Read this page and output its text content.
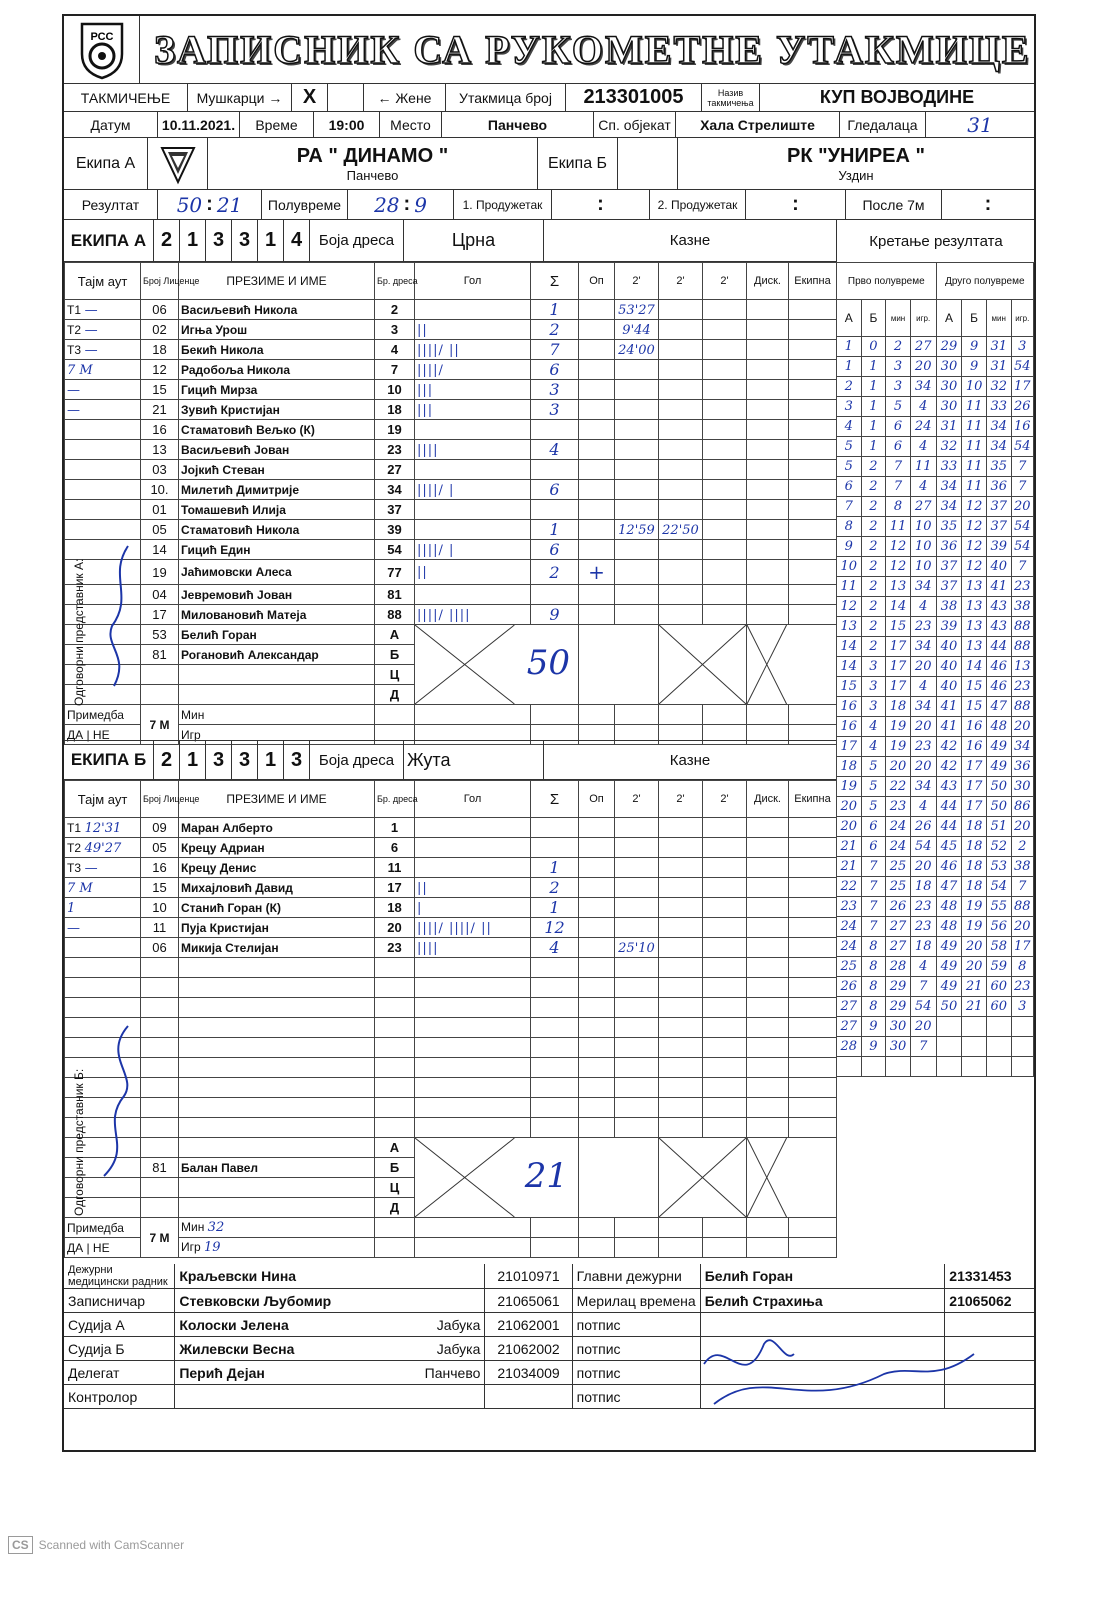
РСС ЗАПИСНИК СА РУКОМЕТНЕ УТАКМИЦЕ
ТАКМИЧЕЊЕ	Мушкарци →	X	← Жене	Утакмица број	213301005	Назив
такмичења	КУП ВОЈВОДИНЕ
Датум	10.11.2021.	Време	19:00	Место	Панчево	Сп. објекат	Хала Стрелиште	Гледалаца	31
Екипа А	РА " ДИНАМО "
Панчево
Екипа Б	РК "УНИРЕА "
Уздин
Резултат	50 : 21	Полувреме	28 : 9	1. Продужетак	:	2. Продужетак	:	После 7м	:
ЕКИПА А 2 1 3 3 1 4	Боја дреса	Црна	Казне	Кретање резултата
Тајм аут	Број Лиценце	ПРЕЗИМЕ И ИМЕ	Бр. дреса	Гол	Σ	Оп	2'	2'	2'	Диск.	Екипна
T1 —	06	Васиљевић Никола	2		1		53'27				
T2 —	02	Игња Урош	3	||	2		9'44				
T3 —	18	Бекић Никола	4	||||/ ||	7		24'00				
7 М	12	Радобоља Никола	7	||||/	6						
—	15	Гицић Мирза	10	|||	3						
—	21	Зувић Кристијан	18	|||	3						
	16	Стаматовић Вељко (К)	19								
	13	Васиљевић Јован	23	||||	4						
	03	Јојкић Стеван	27								
	10.	Милетић Димитрије	34	||||/ |	6						
	01	Томашевић Илија	37								
	05	Стаматовић Никола	39		1		12'59	22'50			
	14	Гицић Един	54	||||/ |	6						
	19	Јаћимовски Алеса	77	||	2	+					
	04	Јевремовић Јован	81								
	17	Миловановић Матеја	88	||||/ ||||	9						
	53	Белић Горан	А	50

	81	Рогановић Александар	Б								
			Ц								
			Д								
Примедба	7 М	Мин									
ДА | НЕ		Игр									
Прво полувреме				Друго полувреме			
А	Б	мин	игр.	А	Б	мин	игр.
1	0	2	27	29	9	31	3
1	1	3	20	30	9	31	54
2	1	3	34	30	10	32	17
3	1	5	4	30	11	33	26
4	1	6	24	31	11	34	16
5	1	6	4	32	11	34	54
5	2	7	11	33	11	35	7
6	2	7	4	34	11	36	7
7	2	8	27	34	12	37	20
8	2	11	10	35	12	37	54
9	2	12	10	36	12	39	54
10	2	12	10	37	12	40	7
11	2	13	34	37	13	41	23
12	2	14	4	38	13	43	38
13	2	15	23	39	13	43	88
14	2	17	34	40	13	44	88
14	3	17	20	40	14	46	13
15	3	17	4	40	15	46	23
16	3	18	34	41	15	47	88
16	4	19	20	41	16	48	20
17	4	19	23	42	16	49	34
18	5	20	20	42	17	49	36
19	5	22	34	43	17	50	30
20	5	23	4	44	17	50	86
20	6	24	26	44	18	51	20
21	6	24	54	45	18	52	2
21	7	25	20	46	18	53	38
22	7	25	18	47	18	54	7
23	7	26	23	48	19	55	88
24	7	27	23	48	19	56	20
24	8	27	18	49	20	58	17
25	8	28	4	49	20	59	8
26	8	29	7	49	21	60	23
27	8	29	54	50	21	60	3
27	9	30	20				
28	9	30	7				

ЕКИПА Б 2 1 3 3 1 3	Боја дреса Жута	Казне
Тајм аут	Број Лиценце	ПРЕЗИМЕ И ИМЕ	Бр. дреса	Гол	Σ	Оп	2'	2'	2'	Диск.	Екипна
T1 12'31	09	Маран Алберто	1								
T2 49'27	05	Крецу Адриан	6								
T3 —	16	Крецу Денис	11		1						
7 М	15	Михајловић Давид	17	||	2						
1	10	Станић Горан (К)	18	|	1						
—	11	Пуја Кристијан	20	||||/ ||||/ ||	12						
	06	Микија Стелијан	23	||||	4		25'10				

			А	21

	81	Балан Павел	Б								
			Ц								
			Д								
Примедба	7 М	Мин 32									
ДА | НЕ		Игр 19									
Одговорни представник А:
Одговорни представник Б:
Дежурни медицински радник	Краљевски Нина		21010971	Главни дежурни	Белић Горан	21331453
Записничар	Стевковски Љубомир		21065061	Мерилац времена	Белић Страхиња	21065062
Судија А	Колоски Јелена	Јабука	21062001	потпис		
Судија Б	Жилевски Весна	Јабука	21062002	потпис		
Делегат	Перић Дејан	Панчево	21034009	потпис		
Контролор				потпис		
CS Scanned with CamScanner
